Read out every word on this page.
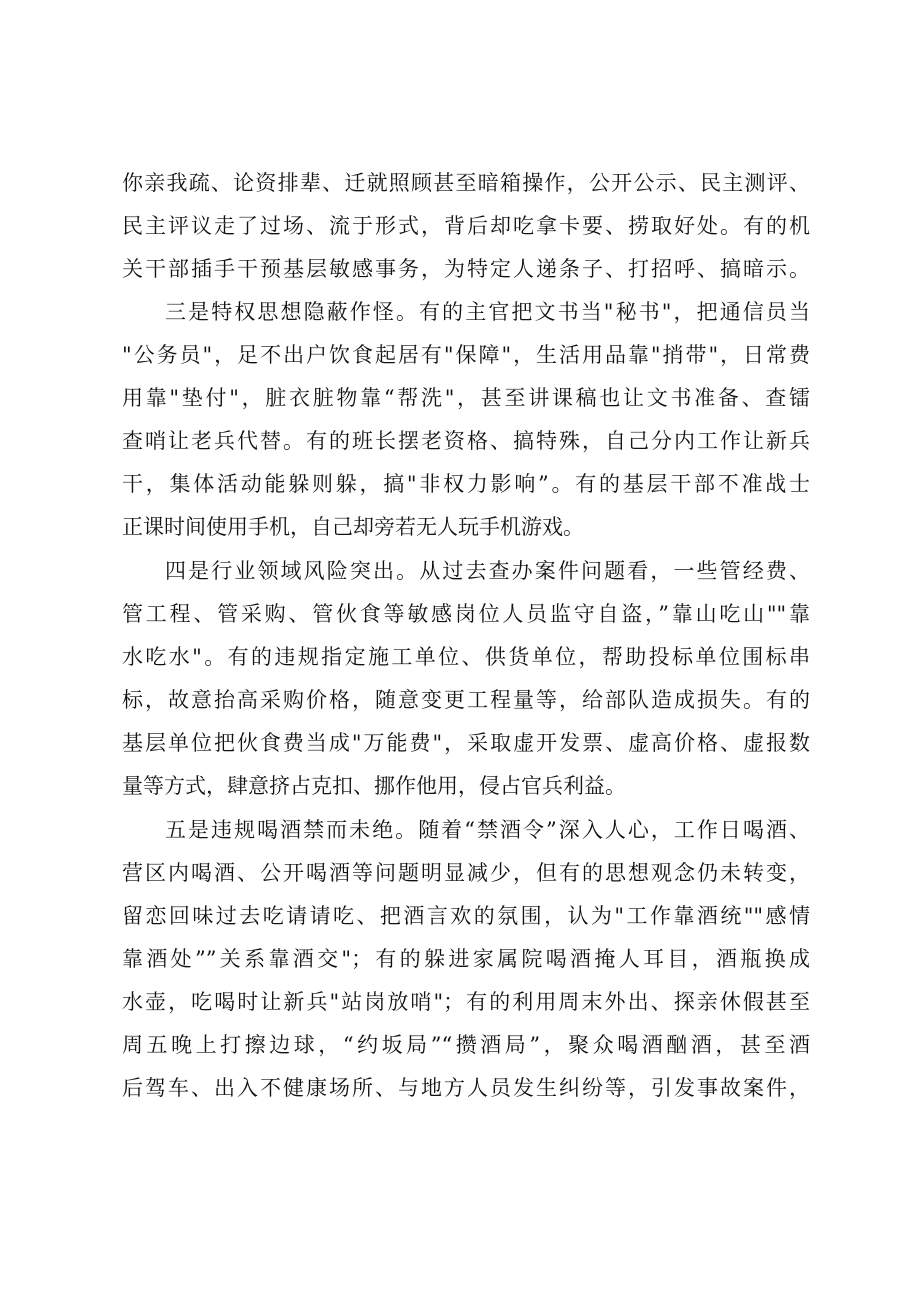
你亲我疏、论资排辈、迁就照顾甚至暗箱操作，公开公示、民主测评、
民主评议走了过场、流于形式，背后却吃拿卡要、捞取好处。有的机
关干部插手干预基层敏感事务，为特定人递条子、打招呼、搞暗示。
三是特权思想隐蔽作怪。有的主官把文书当"秘书"，把通信员当
"公务员"，足不出户饮食起居有"保障"，生活用品靠"捎带"，日常费
用靠"垫付"，脏衣脏物靠“帮洗"，甚至讲课稿也让文书准备、查镭
查哨让老兵代替。有的班长摆老资格、搞特殊，自己分内工作让新兵
干，集体活动能躲则躲，搞"非权力影响”。有的基层干部不准战士
正课时间使用手机，自己却旁若无人玩手机游戏。
四是行业领域风险突出。从过去查办案件问题看，一些管经费、
管工程、管采购、管伙食等敏感岗位人员监守自盗，”靠山吃山""靠
水吃水"。有的违规指定施工单位、供货单位，帮助投标单位围标串
标，故意抬高采购价格，随意变更工程量等，给部队造成损失。有的
基层单位把伙食费当成"万能费"，采取虚开发票、虚高价格、虚报数
量等方式，肆意挤占克扣、挪作他用，侵占官兵利益。
五是违规喝酒禁而未绝。随着“禁酒令”深入人心，工作日喝酒、
营区内喝酒、公开喝酒等问题明显减少，但有的思想观念仍未转变，
留恋回味过去吃请请吃、把酒言欢的氛围，认为"工作靠酒统""感情
靠酒处””关系靠酒交"；有的躲进家属院喝酒掩人耳目，酒瓶换成
水壶，吃喝时让新兵"站岗放哨"；有的利用周末外出、探亲休假甚至
周五晚上打擦边球，“约坂局”“攒酒局”，聚众喝酒酗酒，甚至酒
后驾车、出入不健康场所、与地方人员发生纠纷等，引发事故案件，
